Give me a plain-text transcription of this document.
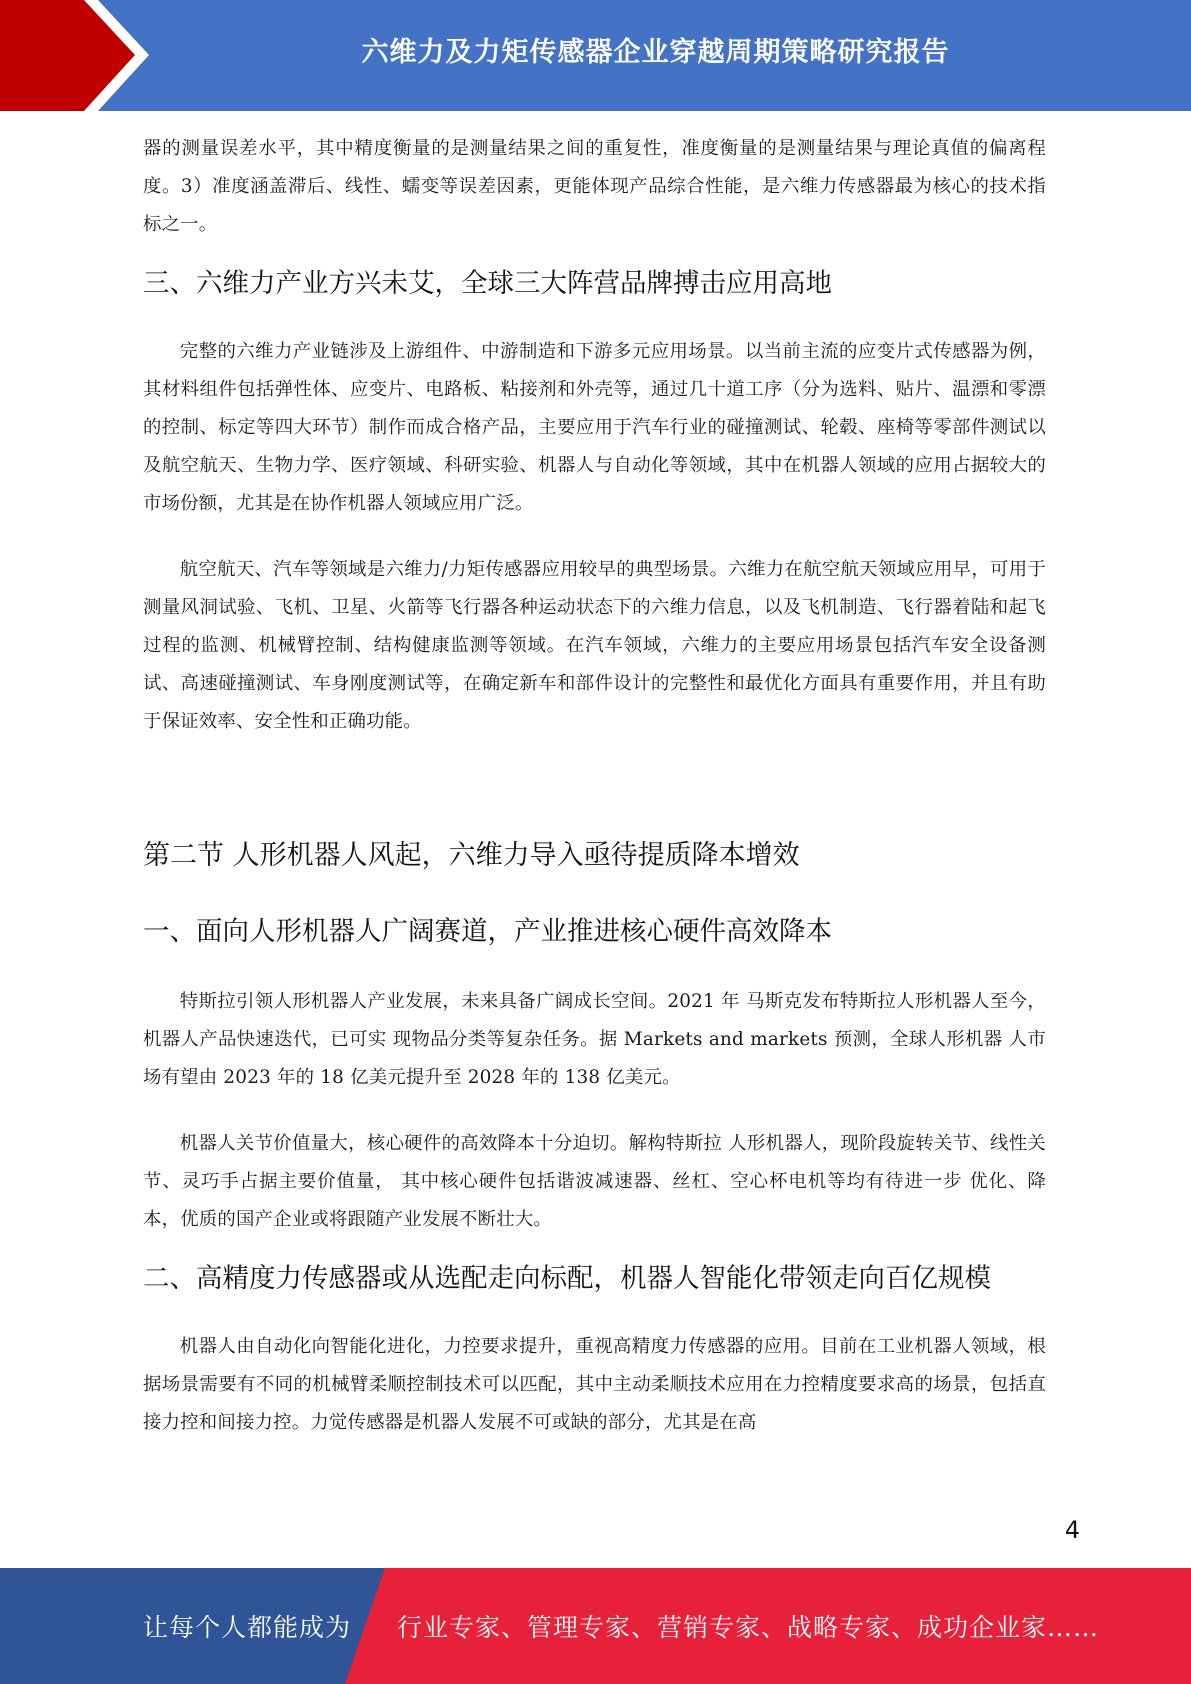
六维力及力矩传感器企业穿越周期策略研究报告

器的测量误差水平，其中精度衡量的是测量结果之间的重复性，准度衡量的是测量结果与理论真值的偏离程度。3）准度涵盖滞后、线性、蠕变等误差因素，更能体现产品综合性能，是六维力传感器最为核心的技术指标之一。

三、六维力产业方兴未艾，全球三大阵营品牌搏击应用高地

完整的六维力产业链涉及上游组件、中游制造和下游多元应用场景。以当前主流的应变片式传感器为例，其材料组件包括弹性体、应变片、电路板、粘接剂和外壳等，通过几十道工序（分为选料、贴片、温漂和零漂的控制、标定等四大环节）制作而成合格产品，主要应用于汽车行业的碰撞测试、轮毂、座椅等零部件测试以及航空航天、生物力学、医疗领域、科研实验、机器人与自动化等领域，其中在机器人领域的应用占据较大的市场份额，尤其是在协作机器人领域应用广泛。

航空航天、汽车等领域是六维力/力矩传感器应用较早的典型场景。六维力在航空航天领域应用早，可用于测量风洞试验、飞机、卫星、火箭等飞行器各种运动状态下的六维力信息，以及飞机制造、飞行器着陆和起飞过程的监测、机械臂控制、结构健康监测等领域。在汽车领域，六维力的主要应用场景包括汽车安全设备测试、高速碰撞测试、车身刚度测试等，在确定新车和部件设计的完整性和最优化方面具有重要作用，并且有助于保证效率、安全性和正确功能。

第二节 人形机器人风起，六维力导入亟待提质降本增效
一、面向人形机器人广阔赛道，产业推进核心硬件高效降本

特斯拉引领人形机器人产业发展，未来具备广阔成长空间。2021 年 马斯克发布特斯拉人形机器人至今，机器人产品快速迭代，已可实 现物品分类等复杂任务。据 Markets and markets 预测，全球人形机器 人市场有望由 2023 年的 18 亿美元提升至 2028 年的 138 亿美元。

机器人关节价值量大，核心硬件的高效降本十分迫切。解构特斯拉 人形机器人，现阶段旋转关节、线性关节、灵巧手占据主要价值量， 其中核心硬件包括谐波减速器、丝杠、空心杯电机等均有待进一步 优化、降本，优质的国产企业或将跟随产业发展不断壮大。

二、高精度力传感器或从选配走向标配，机器人智能化带领走向百亿规模

机器人由自动化向智能化进化，力控要求提升，重视高精度力传感器的应用。目前在工业机器人领域，根据场景需要有不同的机械臂柔顺控制技术可以匹配，其中主动柔顺技术应用在力控精度要求高的场景，包括直接力控和间接力控。力觉传感器是机器人发展不可或缺的部分，尤其是在高

4
让每个人都能成为 行业专家、管理专家、营销专家、战略专家、成功企业家……
